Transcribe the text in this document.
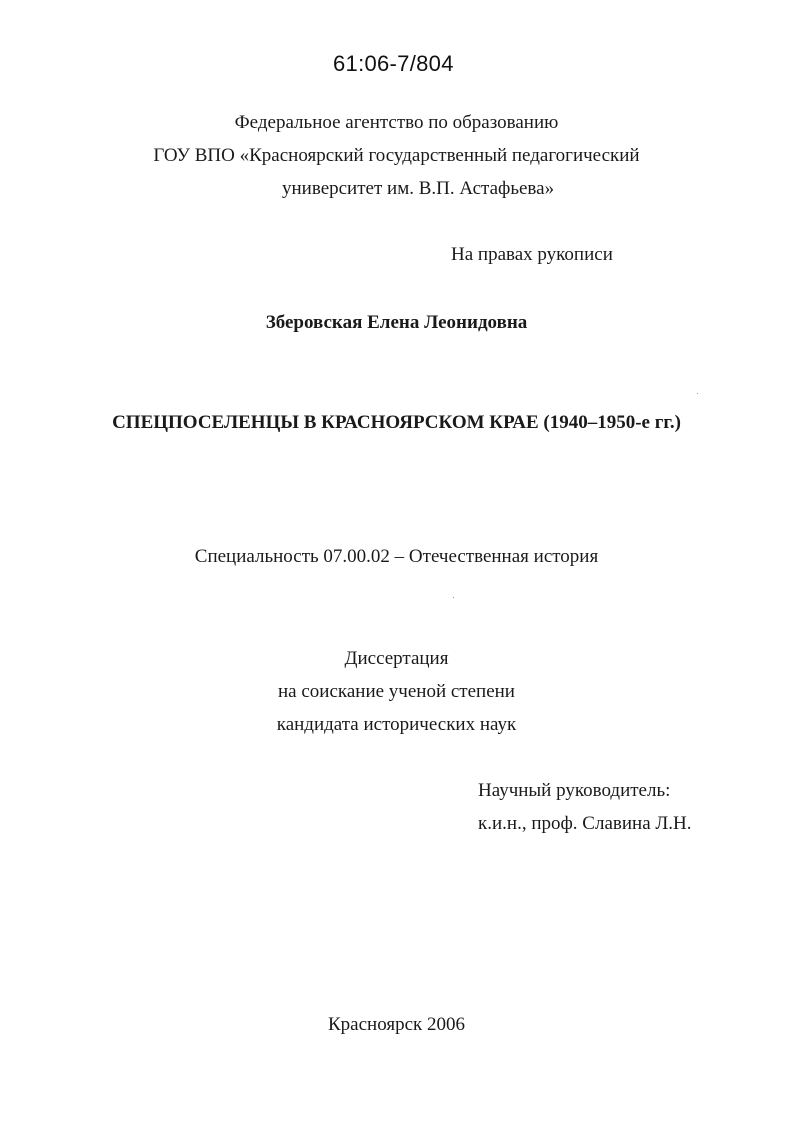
61:06-7/804
Федеральное агентство по образованию
ГОУ ВПО «Красноярский государственный педагогический
университет им. В.П. Астафьева»
На правах рукописи
Зберовская Елена Леонидовна
СПЕЦПОСЕЛЕНЦЫ В КРАСНОЯРСКОМ КРАЕ (1940–1950-е гг.)
Специальность 07.00.02 – Отечественная история
Диссертация
на соискание ученой степени
кандидата исторических наук
Научный руководитель:
к.и.н., проф. Славина Л.Н.
Красноярск 2006
